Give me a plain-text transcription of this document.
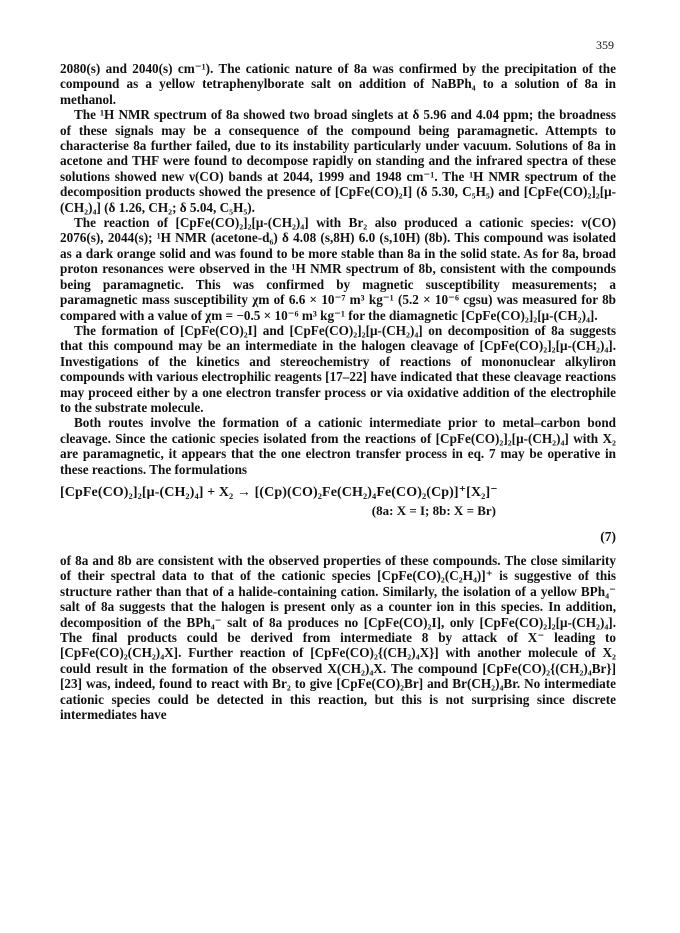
359

2080(s) and 2040(s) cm⁻¹). The cationic nature of 8a was confirmed by the precipitation of the compound as a yellow tetraphenylborate salt on addition of NaBPh₄ to a solution of 8a in methanol.

The ¹H NMR spectrum of 8a showed two broad singlets at δ 5.96 and 4.04 ppm; the broadness of these signals may be a consequence of the compound being paramagnetic. Attempts to characterise 8a further failed, due to its instability particularly under vacuum. Solutions of 8a in acetone and THF were found to decompose rapidly on standing and the infrared spectra of these solutions showed new ν(CO) bands at 2044, 1999 and 1948 cm⁻¹. The ¹H NMR spectrum of the decomposition products showed the presence of [CpFe(CO)₂I] (δ 5.30, C₅H₅) and [CpFe(CO)₂]₂[μ-(CH₂)₄] (δ 1.26, CH₂; δ 5.04, C₅H₅).

The reaction of [CpFe(CO)₂]₂[μ-(CH₂)₄] with Br₂ also produced a cationic species: ν(CO) 2076(s), 2044(s); ¹H NMR (acetone-d₆) δ 4.08 (s,8H) 6.0 (s,10H) (8b). This compound was isolated as a dark orange solid and was found to be more stable than 8a in the solid state. As for 8a, broad proton resonances were observed in the ¹H NMR spectrum of 8b, consistent with the compounds being paramagnetic. This was confirmed by magnetic susceptibility measurements; a paramagnetic mass susceptibility χm of 6.6 × 10⁻⁷ m³ kg⁻¹ (5.2 × 10⁻⁶ cgsu) was measured for 8b compared with a value of χm = −0.5 × 10⁻⁶ m³ kg⁻¹ for the diamagnetic [CpFe(CO)₂]₂[μ-(CH₂)₄].

The formation of [CpFe(CO)₂I] and [CpFe(CO)₂]₂[μ-(CH₂)₄] on decomposition of 8a suggests that this compound may be an intermediate in the halogen cleavage of [CpFe(CO)₂]₂[μ-(CH₂)₄]. Investigations of the kinetics and stereochemistry of reactions of mononuclear alkyliron compounds with various electrophilic reagents [17–22] have indicated that these cleavage reactions may proceed either by a one electron transfer process or via oxidative addition of the electrophile to the substrate molecule.

Both routes involve the formation of a cationic intermediate prior to metal–carbon bond cleavage. Since the cationic species isolated from the reactions of [CpFe(CO)₂]₂[μ-(CH₂)₄] with X₂ are paramagnetic, it appears that the one electron transfer process in eq. 7 may be operative in these reactions. The formulations

[CpFe(CO)₂]₂[μ-(CH₂)₄] + X₂ → [(Cp)(CO)₂Fe(CH₂)₄Fe(CO)₂(Cp)]⁺[X₂]⁻
(8a: X = I; 8b: X = Br)
(7)

of 8a and 8b are consistent with the observed properties of these compounds. The close similarity of their spectral data to that of the cationic species [CpFe(CO)₂(C₂H₄)]⁺ is suggestive of this structure rather than that of a halide-containing cation. Similarly, the isolation of a yellow BPh₄⁻ salt of 8a suggests that the halogen is present only as a counter ion in this species. In addition, decomposition of the BPh₄⁻ salt of 8a produces no [CpFe(CO)₂I], only [CpFe(CO)₂]₂[μ-(CH₂)₄]. The final products could be derived from intermediate 8 by attack of X⁻ leading to [CpFe(CO)₂(CH₂)₄X]. Further reaction of [CpFe(CO)₂{(CH₂)₄X}] with another molecule of X₂ could result in the formation of the observed X(CH₂)₄X. The compound [CpFe(CO)₂{(CH₂)₄Br}] [23] was, indeed, found to react with Br₂ to give [CpFe(CO)₂Br] and Br(CH₂)₄Br. No intermediate cationic species could be detected in this reaction, but this is not surprising since discrete intermediates have
